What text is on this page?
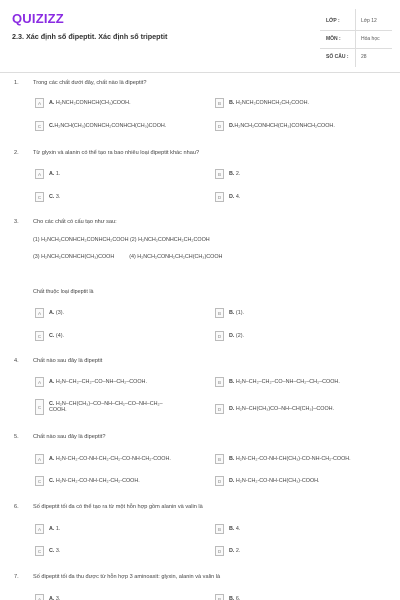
QUIZIZZ
2.3. Xác định số đipeptit. Xác định số tripeptit
LỚP :	Lớp 12
MÔN :	Hóa học
SỐ CÂU :	28
1.	Trong các chất dưới đây, chất nào là đipeptit?
A	A. H₂NCH₂CONHCH(CH₃)COOH.	B	B. H₂NCH₂CONHCH₂CH₂COOH.
C	C.H₂NCH(CH₃)CONHCH₂CONHCH(CH₃)COOH.	D	D.H₂NCH₂CONHCH(CH₃)CONHCH₂COOH.
2.	Từ glyxin và alanin có thể tạo ra bao nhiêu loại đipeptit khác nhau?
A	A. 1.	B	B. 2.
C	C. 3.	D	D. 4.
3.	Cho các chất có cấu tạo như sau:
(1) H₂NCH₂CONHCH₂CONHCH₂COOH (2) H₂NCH₂CONHCH₂CH₂COOH
(3) H₂NCH₂CONHCH(CH₃)COOH          (4) H₂NCH₂CONH₂CH₂CH(CH₃)COOH
Chất thuộc loại đipeptit là
A	A. (3).	B	B. (1).
C	C. (4).	D	D. (2).
4.	Chất nào sau đây là đipeptit
A	A. H₂N–CH₂–CH₂–CO–NH–CH₂–COOH.	B	B. H₂N–CH₂–CH₂–CO–NH–CH₂–CH₂–COOH.
C
C. H₂N–CH(CH₃)–CO–NH–CH₂–CO–NH–CH₂–
COOH.	D	D. H₂N–CH(CH₃)CO–NH–CH(CH₃)–COOH.
5.	Chất nào sau đây là đipeptit?
A	A. H₂N-CH₂-CO-NH-CH₂-CH₂-CO-NH-CH₂-COOH.	B	B. H₂N-CH₂-CO-NH-CH(CH₃)-CO-NH-CH₂-COOH.
C	C. H₂N-CH₂-CO-NH-CH₂-CH₂-COOH.	D	D. H₂N-CH₂-CO-NH-CH(CH₃)-COOH.
6.	Số đipeptit tối đa có thể tạo ra từ một hỗn hợp gồm alanin và valin là
A	A. 1.	B	B. 4.
C	C. 3.	D	D. 2.
7.	Số đipeptit tối đa thu được từ hỗn hợp 3 aminoaxit: glyxin, alanin và valin là
A	A. 3.	B	B. 6.
